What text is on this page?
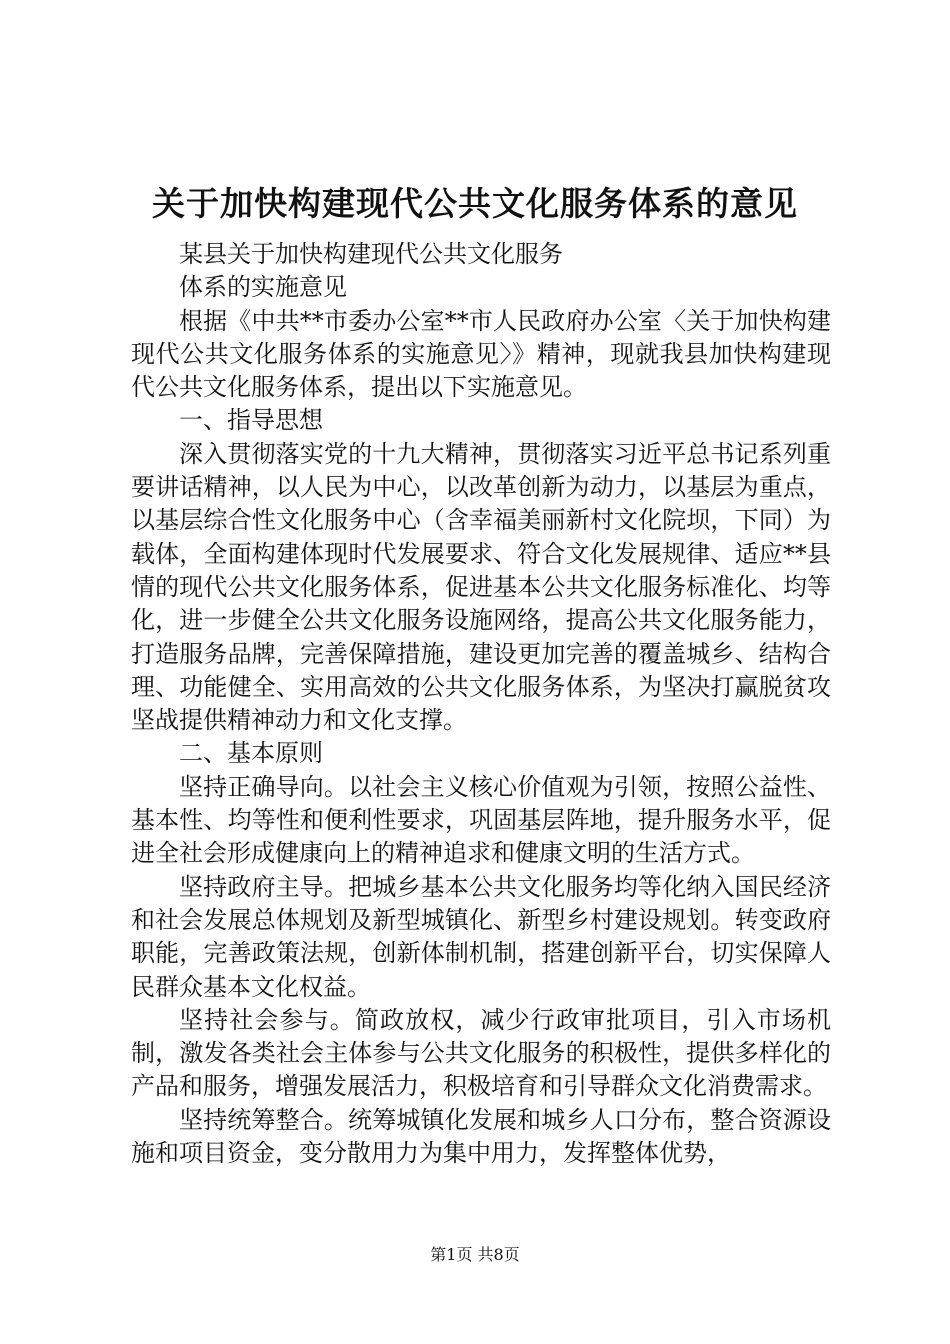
关于加快构建现代公共文化服务体系的意见

某县关于加快构建现代公共文化服务

体系的实施意见

根据《中共**市委办公室**市人民政府办公室〈关于加快构建现代公共文化服务体系的实施意见〉》精神，现就我县加快构建现代公共文化服务体系，提出以下实施意见。

一、指导思想

深入贯彻落实党的十九大精神，贯彻落实习近平总书记系列重要讲话精神，以人民为中心，以改革创新为动力，以基层为重点，以基层综合性文化服务中心（含幸福美丽新村文化院坝，下同）为载体，全面构建体现时代发展要求、符合文化发展规律、适应**县情的现代公共文化服务体系，促进基本公共文化服务标准化、均等化，进一步健全公共文化服务设施网络，提高公共文化服务能力，打造服务品牌，完善保障措施，建设更加完善的覆盖城乡、结构合理、功能健全、实用高效的公共文化服务体系，为坚决打赢脱贫攻坚战提供精神动力和文化支撑。

二、基本原则

坚持正确导向。以社会主义核心价值观为引领，按照公益性、基本性、均等性和便利性要求，巩固基层阵地，提升服务水平，促进全社会形成健康向上的精神追求和健康文明的生活方式。

坚持政府主导。把城乡基本公共文化服务均等化纳入国民经济和社会发展总体规划及新型城镇化、新型乡村建设规划。转变政府职能，完善政策法规，创新体制机制，搭建创新平台，切实保障人民群众基本文化权益。

坚持社会参与。简政放权，减少行政审批项目，引入市场机制，激发各类社会主体参与公共文化服务的积极性，提供多样化的产品和服务，增强发展活力，积极培育和引导群众文化消费需求。

坚持统筹整合。统筹城镇化发展和城乡人口分布，整合资源设施和项目资金，变分散用力为集中用力，发挥整体优势，

第1页 共8页
